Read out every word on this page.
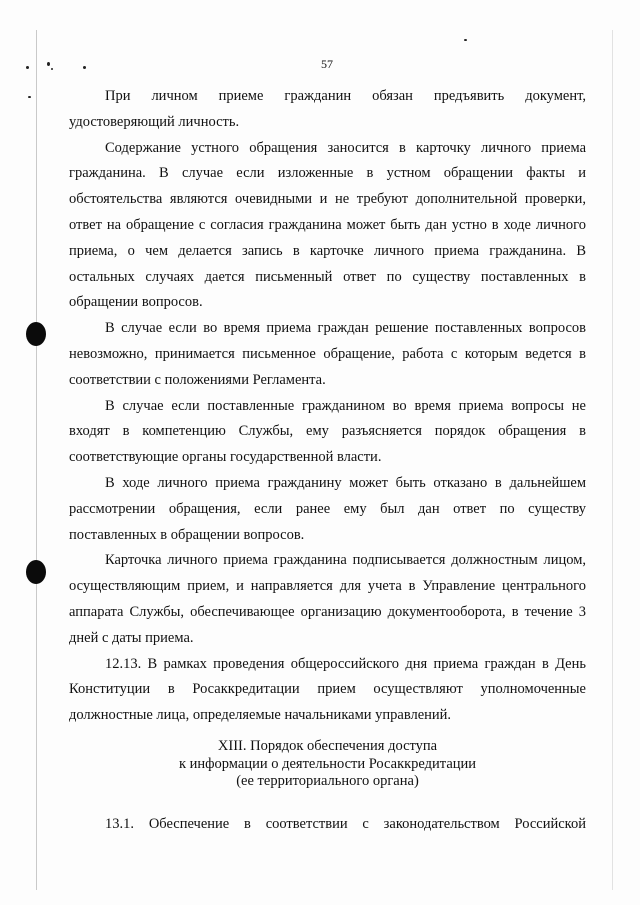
57

При личном приеме гражданин обязан предъявить документ, удостоверяющий личность.

Содержание устного обращения заносится в карточку личного приема гражданина. В случае если изложенные в устном обращении факты и обстоятельства являются очевидными и не требуют дополнительной проверки, ответ на обращение с согласия гражданина может быть дан устно в ходе личного приема, о чем делается запись в карточке личного приема гражданина. В остальных случаях дается письменный ответ по существу поставленных в обращении вопросов.

В случае если во время приема граждан решение поставленных вопросов невозможно, принимается письменное обращение, работа с которым ведется в соответствии с положениями Регламента.

В случае если поставленные гражданином во время приема вопросы не входят в компетенцию Службы, ему разъясняется порядок обращения в соответствующие органы государственной власти.

В ходе личного приема гражданину может быть отказано в дальнейшем рассмотрении обращения, если ранее ему был дан ответ по существу поставленных в обращении вопросов.

Карточка личного приема гражданина подписывается должностным лицом, осуществляющим прием, и направляется для учета в Управление центрального аппарата Службы, обеспечивающее организацию документооборота, в течение 3 дней с даты приема.

12.13. В рамках проведения общероссийского дня приема граждан в День Конституции в Росаккредитации прием осуществляют уполномоченные должностные лица, определяемые начальниками управлений.

XIII. Порядок обеспечения доступа
к информации о деятельности Росаккредитации
(ее территориального органа)
13.1. Обеспечение в соответствии с законодательством Российской
